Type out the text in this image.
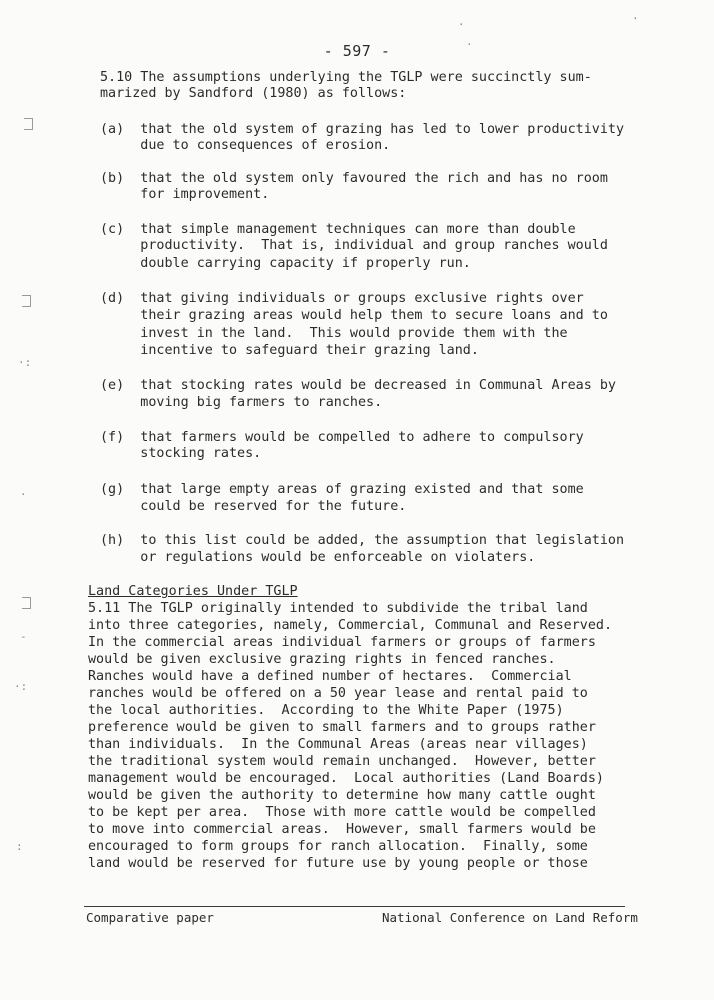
- 597 -
5.10 The assumptions underlying the TGLP were succinctly sum-
marized by Sandford (1980) as follows:
(a)  that the old system of grazing has led to lower productivity
due to consequences of erosion.
(b)  that the old system only favoured the rich and has no room
for improvement.
(c)  that simple management techniques can more than double
productivity.  That is, individual and group ranches would
double carrying capacity if properly run.
(d)  that giving individuals or groups exclusive rights over
their grazing areas would help them to secure loans and to
invest in the land.  This would provide them with the
incentive to safeguard their grazing land.
(e)  that stocking rates would be decreased in Communal Areas by
moving big farmers to ranches.
(f)  that farmers would be compelled to adhere to compulsory
stocking rates.
(g)  that large empty areas of grazing existed and that some
could be reserved for the future.
(h)  to this list could be added, the assumption that legislation
or regulations would be enforceable on violaters.
Land Categories Under TGLP
5.11 The TGLP originally intended to subdivide the tribal land
into three categories, namely, Commercial, Communal and Reserved.
In the commercial areas individual farmers or groups of farmers
would be given exclusive grazing rights in fenced ranches.
Ranches would have a defined number of hectares.  Commercial
ranches would be offered on a 50 year lease and rental paid to
the local authorities.  According to the White Paper (1975)
preference would be given to small farmers and to groups rather
than individuals.  In the Communal Areas (areas near villages)
the traditional system would remain unchanged.  However, better
management would be encouraged.  Local authorities (Land Boards)
would be given the authority to determine how many cattle ought
to be kept per area.  Those with more cattle would be compelled
to move into commercial areas.  However, small farmers would be
encouraged to form groups for ranch allocation.  Finally, some
land would be reserved for future use by young people or those
Comparative paper	National Conference on Land Reform
·:
·
-
·:
:
·
·
·
